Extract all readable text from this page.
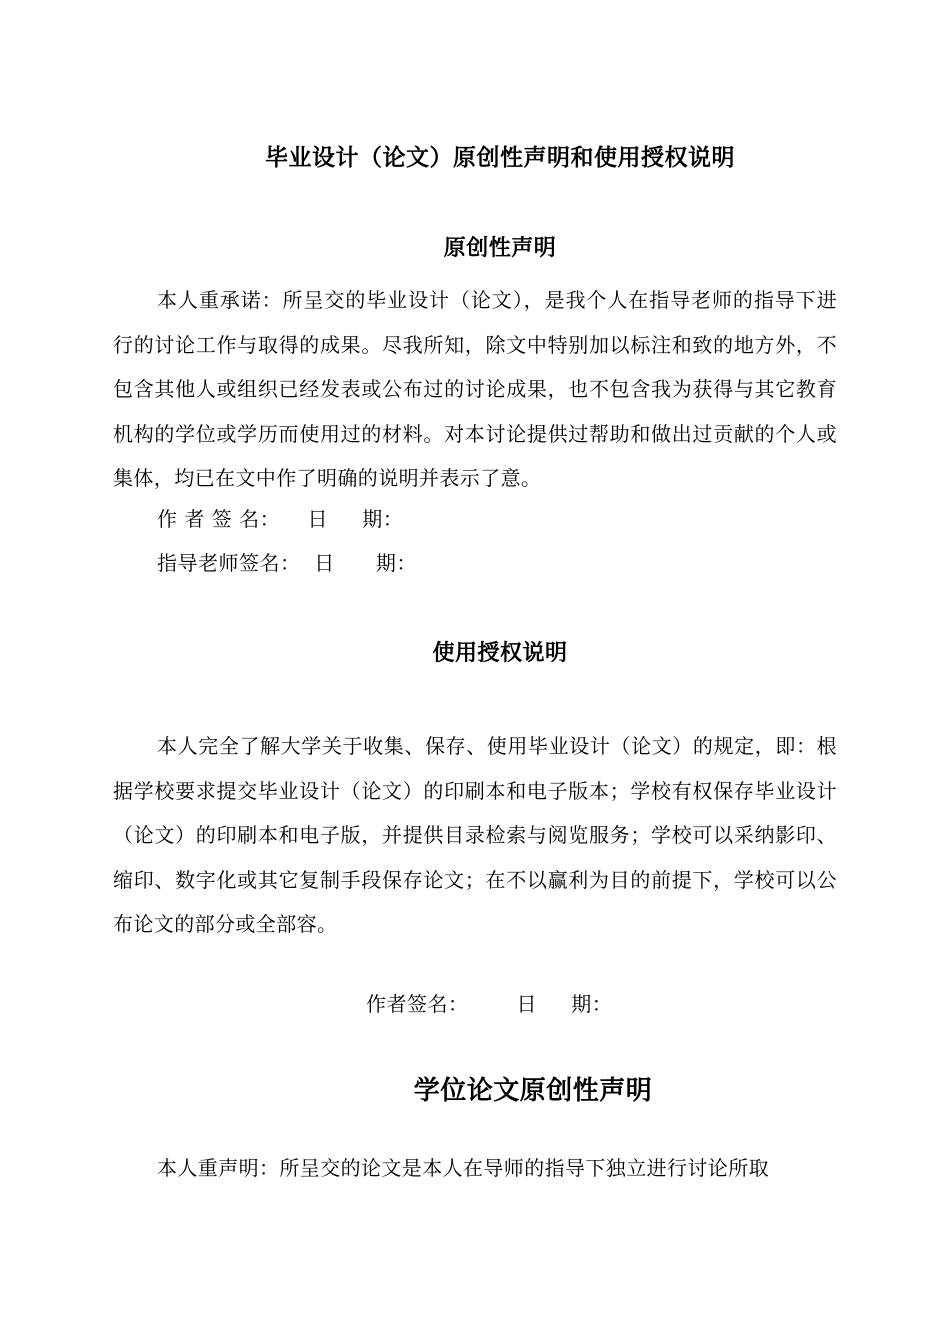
毕业设计（论文）原创性声明和使用授权说明
原创性声明
本人重承诺：所呈交的毕业设计（论文），是我个人在指导老师的指导下进行的讨论工作与取得的成果。尽我所知，除文中特别加以标注和致的地方外，不包含其他人或组织已经发表或公布过的讨论成果，也不包含我为获得与其它教育机构的学位或学历而使用过的材料。对本讨论提供过帮助和做出过贡献的个人或集体，均已在文中作了明确的说明并表示了意。
作 者 签 名：    日     期：
指导老师签名：  日      期：
使用授权说明
本人完全了解大学关于收集、保存、使用毕业设计（论文）的规定，即：根据学校要求提交毕业设计（论文）的印刷本和电子版本；学校有权保存毕业设计（论文）的印刷本和电子版，并提供目录检索与阅览服务；学校可以采纳影印、缩印、数字化或其它复制手段保存论文；在不以赢利为目的前提下，学校可以公布论文的部分或全部容。
作者签名：       日     期：
学位论文原创性声明
本人重声明：所呈交的论文是本人在导师的指导下独立进行讨论所取
